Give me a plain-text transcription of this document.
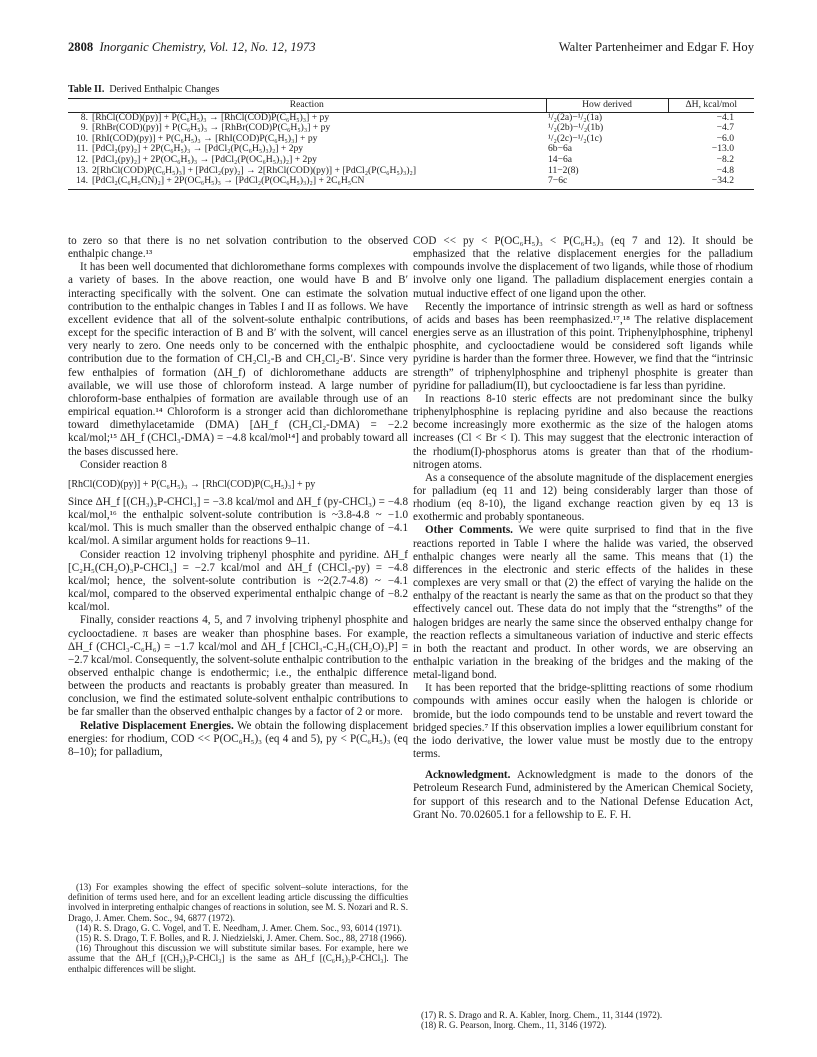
2808 Inorganic Chemistry, Vol. 12, No. 12, 1973	Walter Partenheimer and Edgar F. Hoy
Table II. Derived Enthalpic Changes
Reaction		How derived	ΔH, kcal/mol
8.	[RhCl(COD)(py)] + P(C₆H₅)₃ → [RhCl(COD)P(C₆H₅)₃] + py	¹/₂(2a)−¹/₂(1a)	−4.1
9.	[RhBr(COD)(py)] + P(C₆H₅)₃ → [RhBr(COD)P(C₆H₅)₃] + py	¹/₂(2b)−¹/₂(1b)	−4.7
10.	[RhI(COD)(py)] + P(C₆H₅)₃ → [RhI(COD)P(C₆H₅)₃] + py	¹/₂(2c)−¹/₂(1c)	−6.0
11.	[PdCl₂(py)₂] + 2P(C₆H₅)₃ → [PdCl₂(P(C₆H₅)₃)₂] + 2py	6b−6a	−13.0
12.	[PdCl₂(py)₂] + 2P(OC₆H₅)₃ → [PdCl₂(P(OC₆H₅)₃)₂] + 2py	14−6a	−8.2
13.	2[RhCl(COD)P(C₆H₅)₃] + [PdCl₂(py)₂] → 2[RhCl(COD)(py)] + [PdCl₂(P(C₆H₅)₃)₂]	11−2(8)	−4.8
14.	[PdCl₂(C₆H₅CN)₂] + 2P(OC₆H₅)₃ → [PdCl₂(P(OC₆H₅)₃)₂] + 2C₆H₅CN	7−6c	−34.2

to zero so that there is no net solvation contribution to the observed enthalpic change.¹³

It has been well documented that dichloromethane forms complexes with a variety of bases. In the above reaction, one would have B and B′ interacting specifically with the solvent. One can estimate the solvation contribution to the enthalpic changes in Tables I and II as follows. We have excellent evidence that all of the solvent-solute enthalpic contributions, except for the specific interaction of B and B′ with the solvent, will cancel very nearly to zero. One needs only to be concerned with the enthalpic contribution due to the formation of CH₂Cl₂-B and CH₂Cl₂-B′. Since very few enthalpies of formation (ΔH_f) of dichloromethane adducts are available, we will use those of chloroform instead. A large number of chloroform-base enthalpies of formation are available through use of an empirical equation.¹⁴ Chloroform is a stronger acid than dichloromethane toward dimethylacetamide (DMA) [ΔH_f (CH₂Cl₂-DMA) = −2.2 kcal/mol;¹⁵ ΔH_f (CHCl₃-DMA) = −4.8 kcal/mol¹⁴] and probably toward all the bases discussed here.

Consider reaction 8

[RhCl(COD)(py)] + P(C₆H₅)₃ → [RhCl(COD)P(C₆H₅)₃] + py

Since ΔH_f [(CH₃)₃P-CHCl₃] = −3.8 kcal/mol and ΔH_f (py-CHCl₃) = −4.8 kcal/mol,¹⁶ the enthalpic solvent-solute contribution is ~3.8-4.8 ~ −1.0 kcal/mol. This is much smaller than the observed enthalpic change of −4.1 kcal/mol. A similar argument holds for reactions 9–11.

Consider reaction 12 involving triphenyl phosphite and pyridine. ΔH_f [C₂H₅(CH₂O)₃P-CHCl₃] = −2.7 kcal/mol and ΔH_f (CHCl₃-py) = −4.8 kcal/mol; hence, the solvent-solute contribution is ~2(2.7-4.8) ~ −4.1 kcal/mol, compared to the observed experimental enthalpic change of −8.2 kcal/mol.

Finally, consider reactions 4, 5, and 7 involving triphenyl phosphite and cyclooctadiene. π bases are weaker than phosphine bases. For example, ΔH_f (CHCl₃-C₆H₆) = −1.7 kcal/mol and ΔH_f [CHCl₃-C₂H₅(CH₂O)₃P] = −2.7 kcal/mol. Consequently, the solvent-solute enthalpic contribution to the observed enthalpic change is endothermic; i.e., the enthalpic difference between the products and reactants is probably greater than measured. In conclusion, we find the estimated solute-solvent enthalpic contributions to be far smaller than the observed enthalpic changes by a factor of 2 or more.

Relative Displacement Energies. We obtain the following displacement energies: for rhodium, COD << P(OC₆H₅)₃ (eq 4 and 5), py < P(C₆H₅)₃ (eq 8–10); for palladium,

COD << py < P(OC₆H₅)₃ < P(C₆H₅)₃ (eq 7 and 12). It should be emphasized that the relative displacement energies for the palladium compounds involve the displacement of two ligands, while those of rhodium involve only one ligand. The palladium displacement energies contain a mutual inductive effect of one ligand upon the other.

Recently the importance of intrinsic strength as well as hard or softness of acids and bases has been reemphasized.¹⁷,¹⁸ The relative displacement energies serve as an illustration of this point. Triphenylphosphine, triphenyl phosphite, and cyclooctadiene would be considered soft ligands while pyridine is harder than the former three. However, we find that the “intrinsic strength” of triphenylphosphine and triphenyl phosphite is greater than pyridine for palladium(II), but cyclooctadiene is far less than pyridine.

In reactions 8-10 steric effects are not predominant since the bulky triphenylphosphine is replacing pyridine and also because the reactions become increasingly more exothermic as the size of the halogen atoms increases (Cl < Br < I). This may suggest that the electronic interaction of the rhodium(I)-phosphorus atoms is greater than that of the rhodium-nitrogen atoms.

As a consequence of the absolute magnitude of the displacement energies for palladium (eq 11 and 12) being considerably larger than those of rhodium (eq 8-10), the ligand exchange reaction given by eq 13 is exothermic and probably spontaneous.

Other Comments. We were quite surprised to find that in the five reactions reported in Table I where the halide was varied, the observed enthalpic changes were nearly all the same. This means that (1) the differences in the electronic and steric effects of the halides in these complexes are very small or that (2) the effect of varying the halide on the enthalpy of the reactant is nearly the same as that on the product so that they effectively cancel out. These data do not imply that the “strengths” of the halogen bridges are nearly the same since the observed enthalpy change for the reaction reflects a simultaneous variation of inductive and steric effects in both the reactant and product. In other words, we are observing an enthalpic variation in the breaking of the bridges and the making of the metal-ligand bond.

It has been reported that the bridge-splitting reactions of some rhodium compounds with amines occur easily when the halogen is chloride or bromide, but the iodo compounds tend to be unstable and revert toward the bridged species.⁷ If this observation implies a lower equilibrium constant for the iodo derivative, the lower value must be mostly due to the entropy terms.

Acknowledgment. Acknowledgment is made to the donors of the Petroleum Research Fund, administered by the American Chemical Society, for support of this research and to the National Defense Education Act, Grant No. 70.02605.1 for a fellowship to E. F. H.

(13) For examples showing the effect of specific solvent–solute interactions, for the definition of terms used here, and for an excellent leading article discussing the difficulties involved in interpreting enthalpic changes of reactions in solution, see M. S. Nozari and R. S. Drago, J. Amer. Chem. Soc., 94, 6877 (1972).

(14) R. S. Drago, G. C. Vogel, and T. E. Needham, J. Amer. Chem. Soc., 93, 6014 (1971).

(15) R. S. Drago, T. F. Bolles, and R. J. Niedzielski, J. Amer. Chem. Soc., 88, 2718 (1966).

(16) Throughout this discussion we will substitute similar bases. For example, here we assume that the ΔH_f [(CH₃)₃P-CHCl₃] is the same as ΔH_f [(C₆H₅)₃P-CHCl₃]. The enthalpic differences will be slight.

(17) R. S. Drago and R. A. Kabler, Inorg. Chem., 11, 3144 (1972).

(18) R. G. Pearson, Inorg. Chem., 11, 3146 (1972).
